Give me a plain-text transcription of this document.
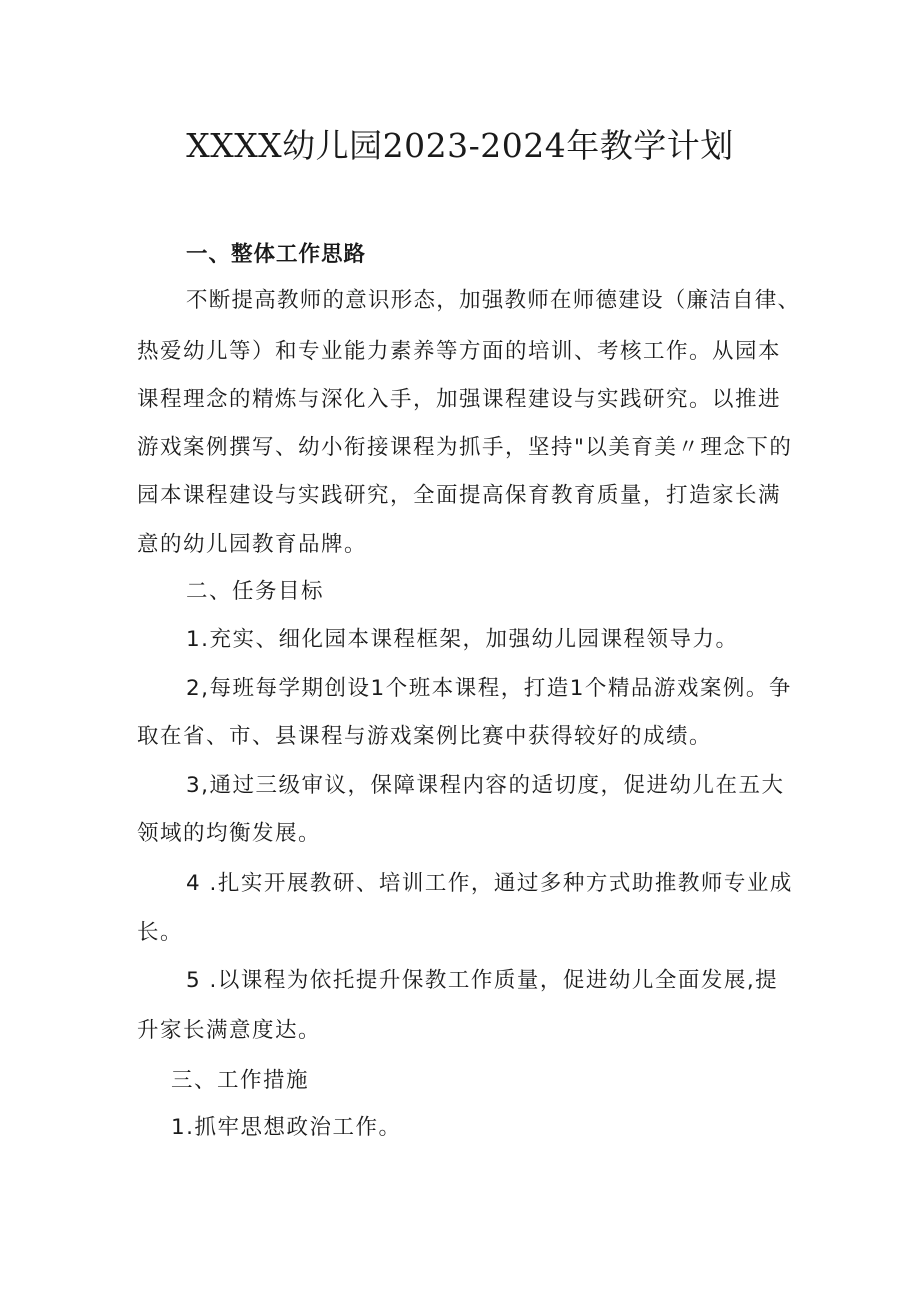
XXXX幼儿园2023-2024年教学计划
一、整体工作思路
不断提高教师的意识形态，加强教师在师德建设（廉洁自律、
热爱幼儿等）和专业能力素养等方面的培训、考核工作。从园本
课程理念的精炼与深化入手，加强课程建设与实践研究。以推进
游戏案例撰写、幼小衔接课程为抓手，坚持"以美育美〃理念下的
园本课程建设与实践研究，全面提高保育教育质量，打造家长满
意的幼儿园教育品牌。
二、任务目标
1.充实、细化园本课程框架，加强幼儿园课程领导力。
2,每班每学期创设1个班本课程，打造1个精品游戏案例。争
取在省、市、县课程与游戏案例比赛中获得较好的成绩。
3,通过三级审议，保障课程内容的适切度，促进幼儿在五大
领域的均衡发展。
4 .扎实开展教研、培训工作，通过多种方式助推教师专业成
长。
5 .以课程为依托提升保教工作质量，促进幼儿全面发展,提
升家长满意度达。
三、工作措施
1.抓牢思想政治工作。
